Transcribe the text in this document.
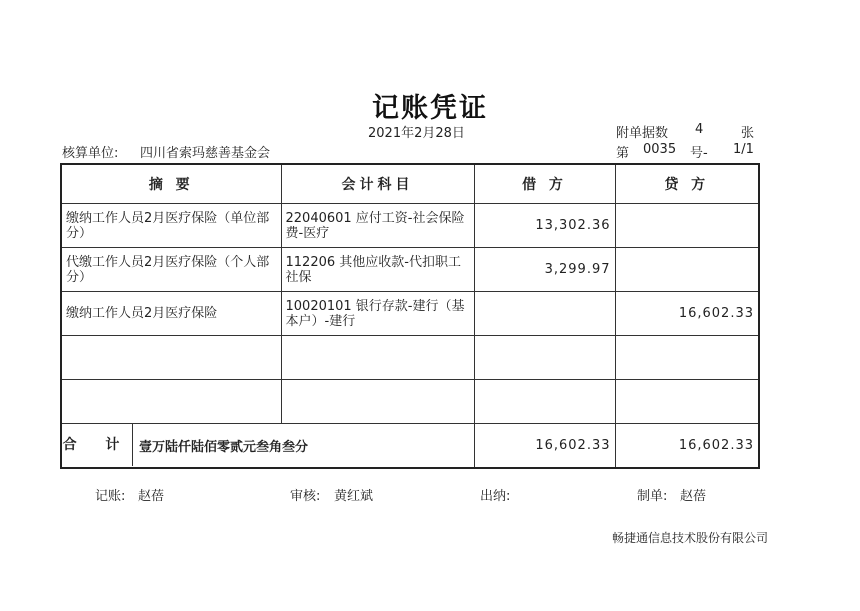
记账凭证
2021年2月28日	附单据数 4	张
核算单位: 四川省索玛慈善基金会	第 0035 号- 1/1
摘 要	会计科目	借 方	贷 方
缴纳工作人员2月医疗保险（单位部分）	22040601 应付工资-社会保险费-医疗	13,302.36	
代缴工作人员2月医疗保险（个人部分）	112206 其他应收款-代扣职工社保	3,299.97	
缴纳工作人员2月医疗保险	10020101 银行存款-建行（基本户）-建行		16,602.33

合 计 壹万陆仟陆佰零贰元叁角叁分		16,602.33	16,602.33
记账: 赵蓓	审核: 黄红斌	出纳:	制单: 赵蓓
畅捷通信息技术股份有限公司
